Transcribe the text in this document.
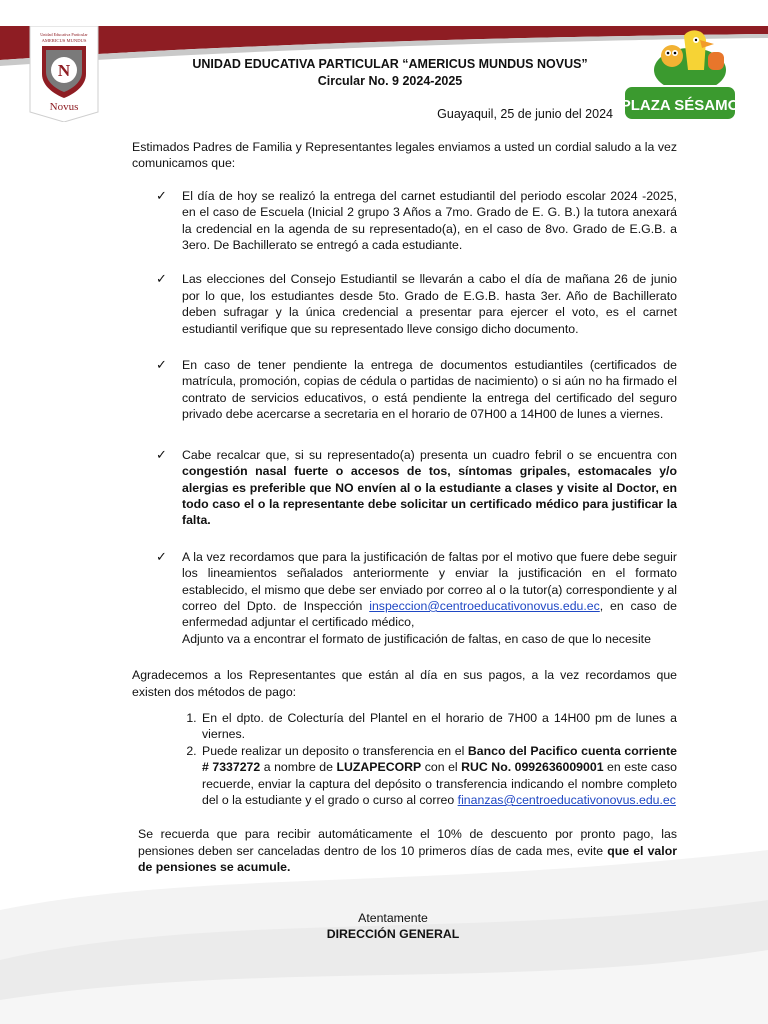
Unidad Educativa Particular
AMERICUS MUNDUS
N
Novus	PLAZA SÉSAMO
UNIDAD EDUCATIVA PARTICULAR “AMERICUS MUNDUS NOVUS”
Circular No. 9 2024-2025
Guayaquil, 25 de junio del 2024

Estimados Padres de Familia y Representantes legales enviamos a usted un cordial saludo a la vez comunicamos que:

✓ El día de hoy se realizó la entrega del carnet estudiantil del periodo escolar 2024 -2025, en el caso de Escuela (Inicial 2 grupo 3 Años a 7mo. Grado de E. G. B.) la tutora anexará la credencial en la agenda de su representado(a), en el caso de 8vo. Grado de E.G.B. a 3ero. De Bachillerato se entregó a cada estudiante.
✓ Las elecciones del Consejo Estudiantil se llevarán a cabo el día de mañana 26 de junio por lo que, los estudiantes desde 5to. Grado de E.G.B. hasta 3er. Año de Bachillerato deben sufragar y la única credencial a presentar para ejercer el voto, es el carnet estudiantil verifique que su representado lleve consigo dicho documento.
✓ En caso de tener pendiente la entrega de documentos estudiantiles (certificados de matrícula, promoción, copias de cédula o partidas de nacimiento) o si aún no ha firmado el contrato de servicios educativos, o está pendiente la entrega del certificado del seguro privado debe acercarse a secretaria en el horario de 07H00 a 14H00 de lunes a viernes.
✓ Cabe recalcar que, si su representado(a) presenta un cuadro febril o se encuentra con congestión nasal fuerte o accesos de tos, síntomas gripales, estomacales y/o alergias es preferible que NO envíen al o la estudiante a clases y visite al Doctor, en todo caso el o la representante debe solicitar un certificado médico para justificar la falta.
✓ A la vez recordamos que para la justificación de faltas por el motivo que fuere debe seguir los lineamientos señalados anteriormente y enviar la justificación en el formato establecido, el mismo que debe ser enviado por correo al o la tutor(a) correspondiente y al correo del Dpto. de Inspección inspeccion@centroeducativonovus.edu.ec, en caso de enfermedad adjuntar el certificado médico,
Adjunto va a encontrar el formato de justificación de faltas, en caso de que lo necesite

Agradecemos a los Representantes que están al día en sus pagos, a la vez recordamos que existen dos métodos de pago:

1. En el dpto. de Colecturía del Plantel en el horario de 7H00 a 14H00 pm de lunes a viernes.
2. Puede realizar un deposito o transferencia en el Banco del Pacifico cuenta corriente # 7337272 a nombre de LUZAPECORP con el RUC No. 0992636009001 en este caso recuerde, enviar la captura del depósito o transferencia indicando el nombre completo del o la estudiante y el grado o curso al correo finanzas@centroeducativonovus.edu.ec

Se recuerda que para recibir automáticamente el 10% de descuento por pronto pago, las pensiones deben ser canceladas dentro de los 10 primeros días de cada mes, evite que el valor de pensiones se acumule.

Atentamente
DIRECCIÓN GENERAL
